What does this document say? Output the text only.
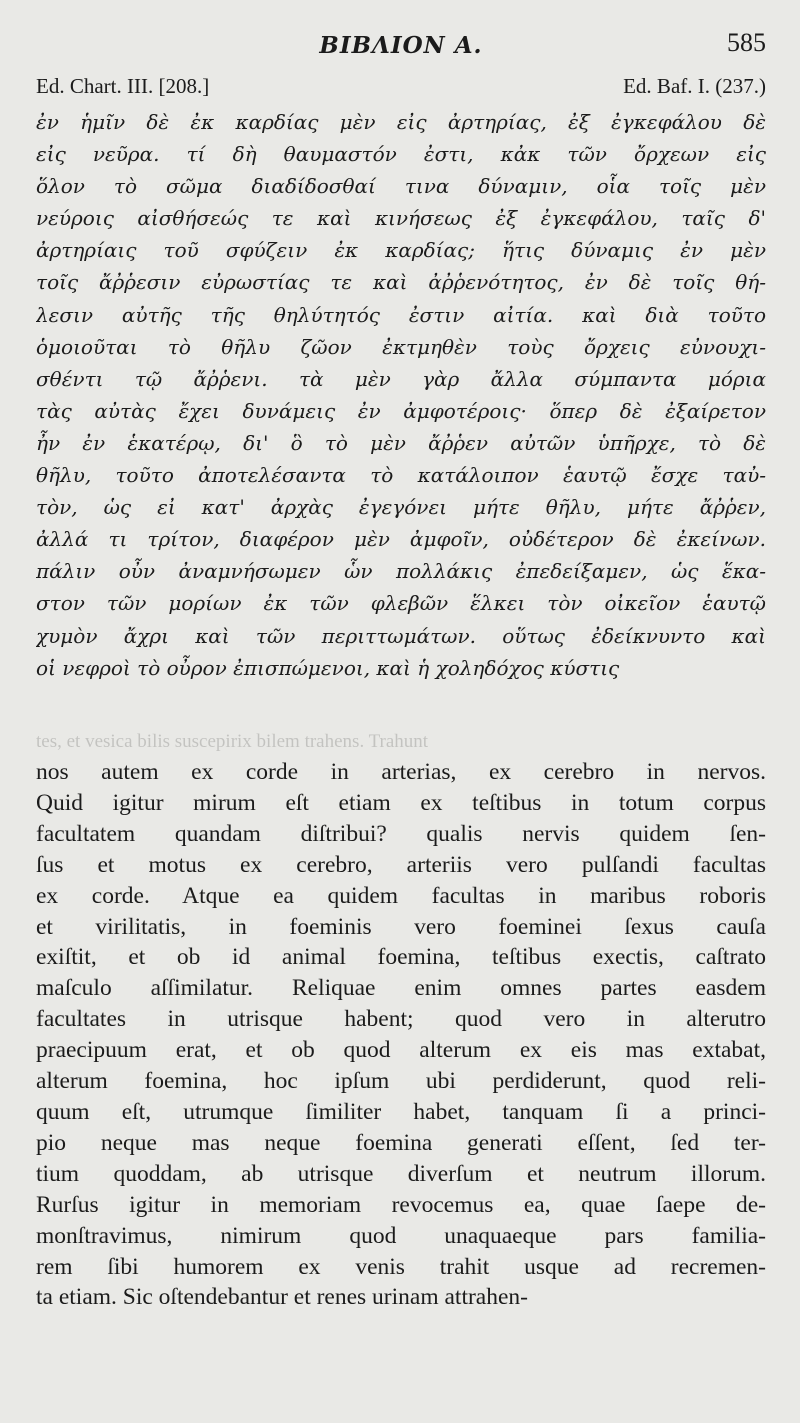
ΒΙΒΛΙΟΝ Α.	585
Ed. Chart. III. [208.]	Ed. Baf. I. (237.)
ἐν ἡμῖν δὲ ἐκ καρδίας μὲν εἰς ἀρτηρίας, ἐξ ἐγκεφάλου δὲ
εἰς νεῦρα. τί δὴ θαυμαστόν ἐστι, κἀκ τῶν ὄρχεων εἰς
ὅλον τὸ σῶμα διαδίδοσθαί τινα δύναμιν, οἷα τοῖς μὲν
νεύροις αἰσθήσεώς τε καὶ κινήσεως ἐξ ἐγκεφάλου, ταῖς δ'
ἀρτηρίαις τοῦ σφύζειν ἐκ καρδίας; ἥτις δύναμις ἐν μὲν
τοῖς ἄῤῥεσιν εὐρωστίας τε καὶ ἀῤῥενότητος, ἐν δὲ τοῖς θή-
λεσιν αὐτῆς τῆς θηλύτητός ἐστιν αἰτία. καὶ διὰ τοῦτο
ὁμοιοῦται τὸ θῆλυ ζῶον ἐκτμηθὲν τοὺς ὄρχεις εὐνουχι-
σθέντι τῷ ἄῤῥενι. τὰ μὲν γὰρ ἄλλα σύμπαντα μόρια
τὰς αὐτὰς ἔχει δυνάμεις ἐν ἀμφοτέροις· ὅπερ δὲ ἐξαίρετον
ἦν ἐν ἑκατέρῳ, δι' ὃ τὸ μὲν ἄῤῥεν αὐτῶν ὑπῆρχε, τὸ δὲ
θῆλυ, τοῦτο ἀποτελέσαντα τὸ κατάλοιπον ἑαυτῷ ἔσχε ταὐ-
τὸν, ὡς εἰ κατ' ἀρχὰς ἐγεγόνει μήτε θῆλυ, μήτε ἄῤῥεν,
ἀλλά τι τρίτον, διαφέρον μὲν ἀμφοῖν, οὐδέτερον δὲ ἐκείνων.
πάλιν οὖν ἀναμνήσωμεν ὧν πολλάκις ἐπεδείξαμεν, ὡς ἕκα-
στον τῶν μορίων ἐκ τῶν φλεβῶν ἕλκει τὸν οἰκεῖον ἑαυτῷ
χυμὸν ἄχρι καὶ τῶν περιττωμάτων. οὕτως ἐδείκνυντο καὶ
οἱ νεφροὶ τὸ οὖρον ἐπισπώμενοι, καὶ ἡ χοληδόχος κύστις
tes, et vesica bilis suscepirix bilem trahens. Trahunt
nos autem ex corde in arterias, ex cerebro in nervos.
Quid igitur mirum eſt etiam ex teſtibus in totum corpus
facultatem quandam diſtribui? qualis nervis quidem ſen-
ſus et motus ex cerebro, arteriis vero pulſandi facultas
ex corde. Atque ea quidem facultas in maribus roboris
et virilitatis, in foeminis vero foeminei ſexus cauſa
exiſtit, et ob id animal foemina, teſtibus exectis, caſtrato
maſculo aſſimilatur. Reliquae enim omnes partes easdem
facultates in utrisque habent; quod vero in alterutro
praecipuum erat, et ob quod alterum ex eis mas extabat,
alterum foemina, hoc ipſum ubi perdiderunt, quod reli-
quum eſt, utrumque ſimiliter habet, tanquam ſi a princi-
pio neque mas neque foemina generati eſſent, ſed ter-
tium quoddam, ab utrisque diverſum et neutrum illorum.
Rurſus igitur in memoriam revocemus ea, quae ſaepe de-
monſtravimus, nimirum quod unaquaeque pars familia-
rem ſibi humorem ex venis trahit usque ad recremen-
ta etiam. Sic oſtendebantur et renes urinam attrahen-
